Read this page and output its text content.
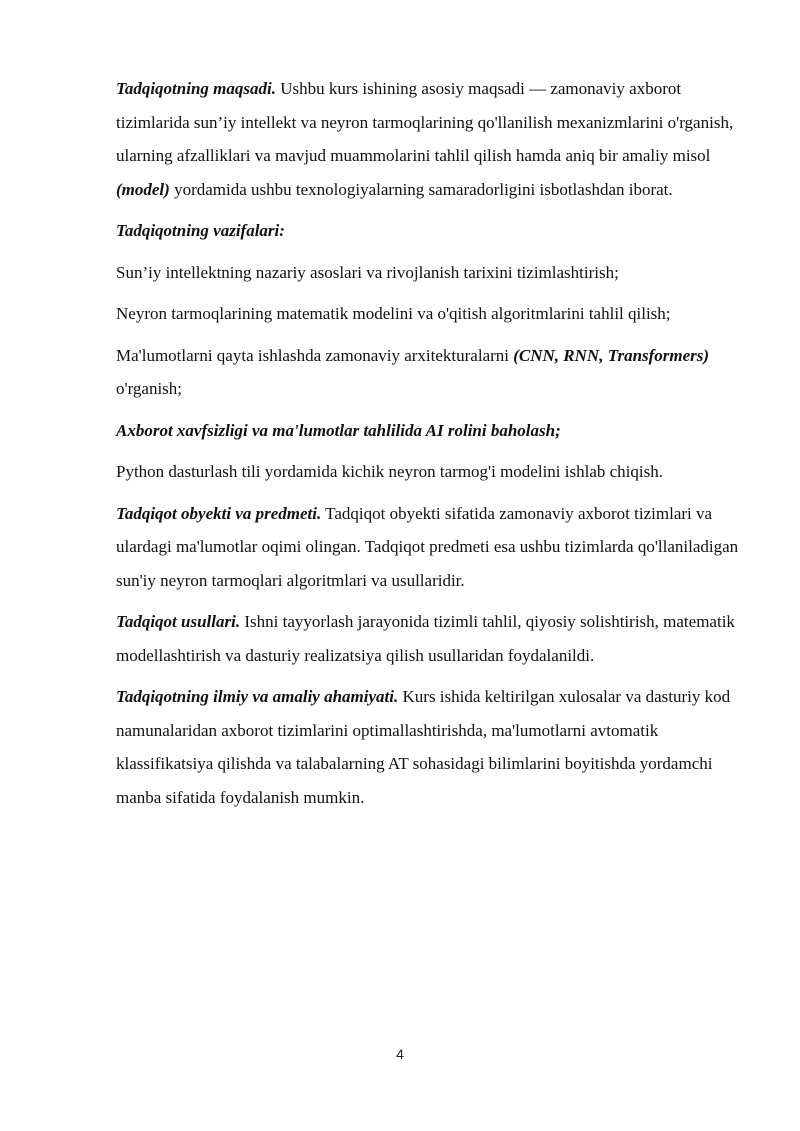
Tadqiqotning maqsadi. Ushbu kurs ishining asosiy maqsadi — zamonaviy axborot tizimlarida sun’iy intellekt va neyron tarmoqlarining qo'llanilish mexanizmlarini o'rganish, ularning afzalliklari va mavjud muammolarini tahlil qilish hamda aniq bir amaliy misol (model) yordamida ushbu texnologiyalarning samaradorligini isbotlashdan iborat.

Tadqiqotning vazifalari:

Sun’iy intellektning nazariy asoslari va rivojlanish tarixini tizimlashtirish;

Neyron tarmoqlarining matematik modelini va o'qitish algoritmlarini tahlil qilish;

Ma'lumotlarni qayta ishlashda zamonaviy arxitekturalarni (CNN, RNN, Transformers) o'rganish;

Axborot xavfsizligi va ma'lumotlar tahlilida AI rolini baholash;

Python dasturlash tili yordamida kichik neyron tarmog'i modelini ishlab chiqish.

Tadqiqot obyekti va predmeti. Tadqiqot obyekti sifatida zamonaviy axborot tizimlari va ulardagi ma'lumotlar oqimi olingan. Tadqiqot predmeti esa ushbu tizimlarda qo'llaniladigan sun'iy neyron tarmoqlari algoritmlari va usullaridir.

Tadqiqot usullari. Ishni tayyorlash jarayonida tizimli tahlil, qiyosiy solishtirish, matematik modellashtirish va dasturiy realizatsiya qilish usullaridan foydalanildi.

Tadqiqotning ilmiy va amaliy ahamiyati. Kurs ishida keltirilgan xulosalar va dasturiy kod namunalaridan axborot tizimlarini optimallashtirishda, ma'lumotlarni avtomatik klassifikatsiya qilishda va talabalarning AT sohasidagi bilimlarini boyitishda yordamchi manba sifatida foydalanish mumkin.

4
